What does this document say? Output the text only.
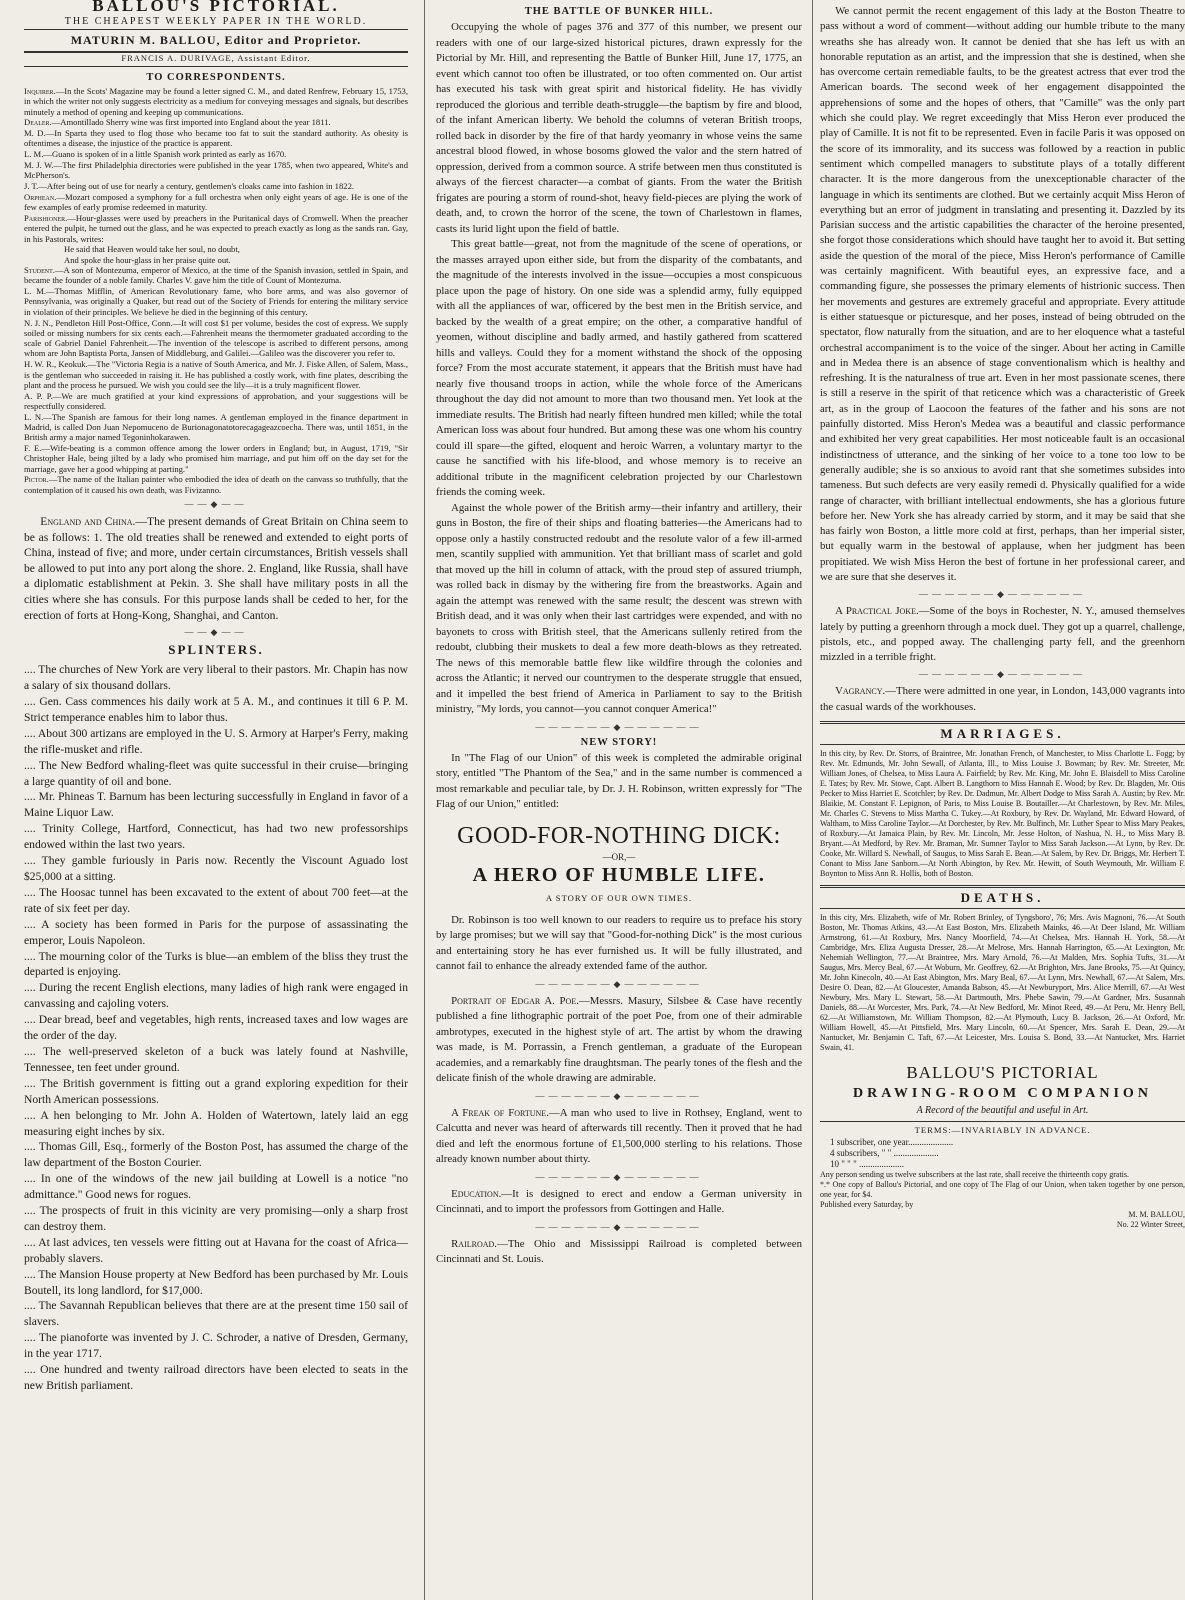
BALLOU'S PICTORIAL.
THE CHEAPEST WEEKLY PAPER IN THE WORLD.
MATURIN M. BALLOU, Editor and Proprietor.
FRANCIS A. DURIVAGE, Assistant Editor.
TO CORRESPONDENTS.
Inquirer.—In the Scots' Magazine may be found a letter signed C. M., and dated Renfrew, February 15, 1753, in which the writer not only suggests electricity as a medium for conveying messages and signals, but describes minutely a method of opening and keeping up communications.
Dealer.—Amontillado Sherry wine was first imported into England about the year 1811.
M. D.—In Sparta they used to flog those who became too fat to suit the standard authority. As obesity is oftentimes a disease, the injustice of the practice is apparent.
L. M.—Guano is spoken of in a little Spanish work printed as early as 1670.
M. J. W.—The first Philadelphia directories were published in the year 1785, when two appeared, White's and McPherson's.
J. T.—After being out of use for nearly a century, gentlemen's cloaks came into fashion in 1822.
Orphean.—Mozart composed a symphony for a full orchestra when only eight years of age. He is one of the few examples of early promise redeemed in maturity.
Parishioner.—Hour-glasses were used by preachers in the Puritanical days of Cromwell. When the preacher entered the pulpit, he turned out the glass, and he was expected to preach exactly as long as the sands ran. Gay, in his Pastorals, writes:
He said that Heaven would take her soul, no doubt,
And spoke the hour-glass in her praise quite out.
Student.—A son of Montezuma, emperor of Mexico, at the time of the Spanish invasion, settled in Spain, and became the founder of a noble family. Charles V. gave him the title of Count of Montezuma.
L. M.—Thomas Mifflin, of American Revolutionary fame, who bore arms, and was also governor of Pennsylvania, was originally a Quaker, but read out of the Society of Friends for entering the military service in violation of their principles. We believe he died in the beginning of this century.
N. J. N., Pendleton Hill Post-Office, Conn.—It will cost $1 per volume, besides the cost of express. We supply soiled or missing numbers for six cents each.—Fahrenheit means the thermometer graduated according to the scale of Gabriel Daniel Fahrenheit.—The invention of the telescope is ascribed to different persons, among whom are John Baptista Porta, Jansen of Middleburg, and Galilei.—Galileo was the discoverer you refer to.
H. W. R., Keokuk.—The "Victoria Regia is a native of South America, and Mr. J. Fiske Allen, of Salem, Mass., is the gentleman who succeeded in raising it. He has published a costly work, with fine plates, describing the plant and the process he pursued. We wish you could see the lily—it is a truly magnificent flower.
A. P. P.—We are much gratified at your kind expressions of approbation, and your suggestions will be respectfully considered.
L. N.—The Spanish are famous for their long names. A gentleman employed in the finance department in Madrid, is called Don Juan Nepomuceno de Burionagonatotorecagageazcoecha. There was, until 1851, in the British army a major named Tegoninhokarawen.
F. E.—Wife-beating is a common offence among the lower orders in England; but, in August, 1719, "Sir Christopher Hale, being jilted by a lady who promised him marriage, and put him off on the day set for the marriage, gave her a good whipping at parting."
Pictor.—The name of the Italian painter who embodied the idea of death on the canvass so truthfully, that the contemplation of it caused his own death, was Fivizanno.
——◆——

England and China.—The present demands of Great Britain on China seem to be as follows: 1. The old treaties shall be renewed and extended to eight ports of China, instead of five; and more, under certain circumstances, British vessels shall be allowed to put into any port along the shore. 2. England, like Russia, shall have a diplomatic establishment at Pekin. 3. She shall have military posts in all the cities where she has consuls. For this purpose lands shall be ceded to her, for the erection of forts at Hong-Kong, Shanghai, and Canton.

——◆——
SPLINTERS.

.... The churches of New York are very liberal to their pastors. Mr. Chapin has now a salary of six thousand dollars.

.... Gen. Cass commences his daily work at 5 A. M., and continues it till 6 P. M. Strict temperance enables him to labor thus.

.... About 300 artizans are employed in the U. S. Armory at Harper's Ferry, making the rifle-musket and rifle.

.... The New Bedford whaling-fleet was quite successful in their cruise—bringing a large quantity of oil and bone.

.... Mr. Phineas T. Barnum has been lecturing successfully in England in favor of a Maine Liquor Law.

.... Trinity College, Hartford, Connecticut, has had two new professorships endowed within the last two years.

.... They gamble furiously in Paris now. Recently the Viscount Aguado lost $25,000 at a sitting.

.... The Hoosac tunnel has been excavated to the extent of about 700 feet—at the rate of six feet per day.

.... A society has been formed in Paris for the purpose of assassinating the emperor, Louis Napoleon.

.... The mourning color of the Turks is blue—an emblem of the bliss they trust the departed is enjoying.

.... During the recent English elections, many ladies of high rank were engaged in canvassing and cajoling voters.

.... Dear bread, beef and vegetables, high rents, increased taxes and low wages are the order of the day.

.... The well-preserved skeleton of a buck was lately found at Nashville, Tennessee, ten feet under ground.

.... The British government is fitting out a grand exploring expedition for their North American possessions.

.... A hen belonging to Mr. John A. Holden of Watertown, lately laid an egg measuring eight inches by six.

.... Thomas Gill, Esq., formerly of the Boston Post, has assumed the charge of the law department of the Boston Courier.

.... In one of the windows of the new jail building at Lowell is a notice "no admittance." Good news for rogues.

.... The prospects of fruit in this vicinity are very promising—only a sharp frost can destroy them.

.... At last advices, ten vessels were fitting out at Havana for the coast of Africa—probably slavers.

.... The Mansion House property at New Bedford has been purchased by Mr. Louis Boutell, its long landlord, for $17,000.

.... The Savannah Republican believes that there are at the present time 150 sail of slavers.

.... The pianoforte was invented by J. C. Schroder, a native of Dresden, Germany, in the year 1717.

.... One hundred and twenty railroad directors have been elected to seats in the new British parliament.

THE BATTLE OF BUNKER HILL.

Occupying the whole of pages 376 and 377 of this number, we present our readers with one of our large-sized historical pictures, drawn expressly for the Pictorial by Mr. Hill, and representing the Battle of Bunker Hill, June 17, 1775, an event which cannot too often be illustrated, or too often commented on. Our artist has executed his task with great spirit and historical fidelity. He has vividly reproduced the glorious and terrible death-struggle—the baptism by fire and blood, of the infant American liberty. We behold the columns of veteran British troops, rolled back in disorder by the fire of that hardy yeomanry in whose veins the same ancestral blood flowed, in whose bosoms glowed the valor and the stern hatred of oppression, derived from a common source. A strife between men thus constituted is always of the fiercest character—a combat of giants. From the water the British frigates are pouring a storm of round-shot, heavy field-pieces are plying the work of death, and, to crown the horror of the scene, the town of Charlestown in flames, casts its lurid light upon the field of battle.

This great battle—great, not from the magnitude of the scene of operations, or the masses arrayed upon either side, but from the disparity of the combatants, and the magnitude of the interests involved in the issue—occupies a most conspicuous place upon the page of history. On one side was a splendid army, fully equipped with all the appliances of war, officered by the best men in the British service, and backed by the wealth of a great empire; on the other, a comparative handful of yeomen, without discipline and badly armed, and hastily gathered from scattered hills and valleys. Could they for a moment withstand the shock of the opposing force? From the most accurate statement, it appears that the British must have had nearly five thousand troops in action, while the whole force of the Americans throughout the day did not amount to more than two thousand men. Yet look at the immediate results. The British had nearly fifteen hundred men killed; while the total American loss was about four hundred. But among these was one whom his country could ill spare—the gifted, eloquent and heroic Warren, a voluntary martyr to the cause he sanctified with his life-blood, and whose memory is to receive an additional tribute in the magnificent celebration projected by our Charlestown friends the coming week.

Against the whole power of the British army—their infantry and artillery, their guns in Boston, the fire of their ships and floating batteries—the Americans had to oppose only a hastily constructed redoubt and the resolute valor of a few ill-armed men, scantily supplied with ammunition. Yet that brilliant mass of scarlet and gold that moved up the hill in column of attack, with the proud step of assured triumph, was rolled back in dismay by the withering fire from the breastworks. Again and again the attempt was renewed with the same result; the descent was strewn with British dead, and it was only when their last cartridges were expended, and with no bayonets to cross with British steel, that the Americans sullenly retired from the redoubt, clubbing their muskets to deal a few more death-blows as they retreated. The news of this memorable battle flew like wildfire through the colonies and across the Atlantic; it nerved our countrymen to the desperate struggle that ensued, and it impelled the best friend of America in Parliament to say to the British ministry, "My lords, you cannot—you cannot conquer America!"

——————◆——————
NEW STORY!

In "The Flag of our Union" of this week is completed the admirable original story, entitled "The Phantom of the Sea," and in the same number is commenced a most remarkable and peculiar tale, by Dr. J. H. Robinson, written expressly for "The Flag of our Union," entitled:

GOOD-FOR-NOTHING DICK:
—OR,—
A HERO OF HUMBLE LIFE.
A STORY OF OUR OWN TIMES.

Dr. Robinson is too well known to our readers to require us to preface his story by large promises; but we will say that "Good-for-nothing Dick" is the most curious and entertaining story he has ever furnished us. It will be fully illustrated, and cannot fail to enhance the already extended fame of the author.

——————◆——————

Portrait of Edgar A. Poe.—Messrs. Masury, Silsbee & Case have recently published a fine lithographic portrait of the poet Poe, from one of their admirable ambrotypes, executed in the highest style of art. The artist by whom the drawing was made, is M. Porrassin, a French gentleman, a graduate of the European academies, and a remarkably fine draughtsman. The pearly tones of the flesh and the delicate finish of the whole drawing are admirable.

——————◆——————

A Freak of Fortune.—A man who used to live in Rothsey, England, went to Calcutta and never was heard of afterwards till recently. Then it proved that he had died and left the enormous fortune of £1,500,000 sterling to his relations. Those already known number about thirty.

——————◆——————

Education.—It is designed to erect and endow a German university in Cincinnati, and to import the professors from Gottingen and Halle.

——————◆——————

Railroad.—The Ohio and Mississippi Railroad is completed between Cincinnati and St. Louis.

We cannot permit the recent engagement of this lady at the Boston Theatre to pass without a word of comment—without adding our humble tribute to the many wreaths she has already won. It cannot be denied that she has left us with an honorable reputation as an artist, and the impression that she is destined, when she has overcome certain remediable faults, to be the greatest actress that ever trod the American boards. The second week of her engagement disappointed the apprehensions of some and the hopes of others, that "Camille" was the only part which she could play. We regret exceedingly that Miss Heron ever produced the play of Camille. It is not fit to be represented. Even in facile Paris it was opposed on the score of its immorality, and its success was followed by a reaction in public sentiment which compelled managers to substitute plays of a totally different character. It is the more dangerous from the unexceptionable character of the language in which its sentiments are clothed. But we certainly acquit Miss Heron of everything but an error of judgment in translating and presenting it. Dazzled by its Parisian success and the artistic capabilities the character of the heroine presented, she forgot those considerations which should have taught her to avoid it. But setting aside the question of the moral of the piece, Miss Heron's performance of Camille was certainly magnificent. With beautiful eyes, an expressive face, and a commanding figure, she possesses the primary elements of histrionic success. Then her movements and gestures are extremely graceful and appropriate. Every attitude is either statuesque or picturesque, and her poses, instead of being obtruded on the spectator, flow naturally from the situation, and are to her eloquence what a tasteful orchestral accompaniment is to the voice of the singer. About her acting in Camille and in Medea there is an absence of stage conventionalism which is healthy and refreshing. It is the naturalness of true art. Even in her most passionate scenes, there is still a reserve in the spirit of that reticence which was a characteristic of Greek art, as in the group of Laocoon the features of the father and his sons are not painfully distorted. Miss Heron's Medea was a beautiful and classic performance and exhibited her very great capabilities. Her most noticeable fault is an occasional indistinctness of utterance, and the sinking of her voice to a tone too low to be generally audible; she is so anxious to avoid rant that she sometimes subsides into tameness. But such defects are very easily remedi d. Physically qualified for a wide range of character, with brilliant intellectual endowments, she has a glorious future before her. New York she has already carried by storm, and it may be said that she has fairly won Boston, a little more cold at first, perhaps, than her imperial sister, but equally warm in the bestowal of applause, when her judgment has been propitiated. We wish Miss Heron the best of fortune in her professional career, and we are sure that she deserves it.

——————◆——————

A Practical Joke.—Some of the boys in Rochester, N. Y., amused themselves lately by putting a greenhorn through a mock duel. They got up a quarrel, challenge, pistols, etc., and popped away. The challenging party fell, and the greenhorn mizzled in a terrible fright.

——————◆——————

Vagrancy.—There were admitted in one year, in London, 143,000 vagrants into the casual wards of the workhouses.

MARRIAGES.
In this city, by Rev. Dr. Storrs, of Braintree, Mr. Jonathan French, of Manchester, to Miss Charlotte L. Fogg; by Rev. Mr. Edmunds, Mr. John Sewall, of Atlanta, Ill., to Miss Louise J. Bowman; by Rev. Mr. Streeter, Mr. William Jones, of Chelsea, to Miss Laura A. Fairfield; by Rev. Mr. King, Mr. John E. Blaisdell to Miss Caroline E. Tates; by Rev. Mr. Stowe, Capt. Albert B. Langthorn to Miss Hannah E. Wood; by Rev. Dr. Blagden, Mr. Otis Pecker to Miss Harriet E. Scotchler; by Rev. Dr. Dadmun, Mr. Albert Dodge to Miss Sarah A. Austin; by Rev. Mr. Blaikie, M. Constant F. Lepignon, of Paris, to Miss Louise B. Boutailler.—At Charlestown, by Rev. Mr. Miles, Mr. Charles C. Stevens to Miss Martha C. Tukey.—At Roxbury, by Rev. Dr. Wayland, Mr. Edward Howard, of Waltham, to Miss Caroline Taylor.—At Dorchester, by Rev. Mr. Bulfinch, Mr. Luther Spear to Miss Mary Peakes, of Roxbury.—At Jamaica Plain, by Rev. Mr. Lincoln, Mr. Jesse Holton, of Nashua, N. H., to Miss Mary B. Bryant.—At Medford, by Rev. Mr. Braman, Mr. Sumner Taylor to Miss Sarah Jackson.—At Lynn, by Rev. Dr. Cooke, Mr. Willard S. Newhall, of Saugus, to Miss Sarah E. Bean.—At Salem, by Rev. Dr. Briggs, Mr. Herbert T. Conant to Miss Jane Sanborn.—At North Abington, by Rev. Mr. Hewitt, of South Weymouth, Mr. William F. Boynton to Miss Ann R. Hollis, both of Boston.
DEATHS.
In this city, Mrs. Elizabeth, wife of Mr. Robert Brinley, of Tyngsboro', 76; Mrs. Avis Magnoni, 76.—At South Boston, Mr. Thomas Atkins, 43.—At East Boston, Mrs. Elizabeth Mainks, 46.—At Deer Island, Mr. William Armstrong, 61.—At Roxbury, Mrs. Nancy Moorfield, 74.—At Chelsea, Mrs. Hannah H. York, 58.—At Cambridge, Mrs. Eliza Augusta Dresser, 28.—At Melrose, Mrs. Hannah Harrington, 65.—At Lexington, Mr. Nehemiah Wellington, 77.—At Braintree, Mrs. Mary Arnold, 76.—At Malden, Mrs. Sophia Tufts, 31.—At Saugus, Mrs. Mercy Beal, 67.—At Woburn, Mr. Geoffrey, 62.—At Brighton, Mrs. Jane Brooks, 75.—At Quincy, Mr. John Kinecoln, 40.—At East Abington, Mrs. Mary Beal, 67.—At Lynn, Mrs. Newhall, 67.—At Salem, Mrs. Desire O. Dean, 82.—At Gloucester, Amanda Babson, 45.—At Newburyport, Mrs. Alice Merrill, 67.—At West Newbury, Mrs. Mary L. Stewart, 58.—At Dartmouth, Mrs. Phebe Sawin, 79.—At Gardner, Mrs. Susannah Daniels, 88.—At Worcester, Mrs. Park, 74.—At New Bedford, Mr. Minot Reed, 49.—At Peru, Mr. Henry Bell, 62.—At Williamstown, Mr. William Thompson, 82.—At Plymouth, Lucy B. Jackson, 26.—At Oxford, Mr. William Howell, 45.—At Pittsfield, Mrs. Mary Lincoln, 60.—At Spencer, Mrs. Sarah E. Dean, 29.—At Nantucket, Mr. Benjamin C. Taft, 67.—At Leicester, Mrs. Louisa S. Bond, 33.—At Nantucket, Mrs. Harriet Swain, 41.
BALLOU'S PICTORIAL
DRAWING-ROOM COMPANION
A Record of the beautiful and useful in Art.
TERMS:—INVARIABLY IN ADVANCE.
1 subscriber, one year....................
4 subscribers, " " ....................
10 " " " ....................
Any person sending us twelve subscribers at the last rate, shall receive the thirteenth copy gratis.
*.* One copy of Ballou's Pictorial, and one copy of The Flag of our Union, when taken together by one person, one year, for $4.
Published every Saturday, by
M. M. BALLOU,
No. 22 Winter Street,
